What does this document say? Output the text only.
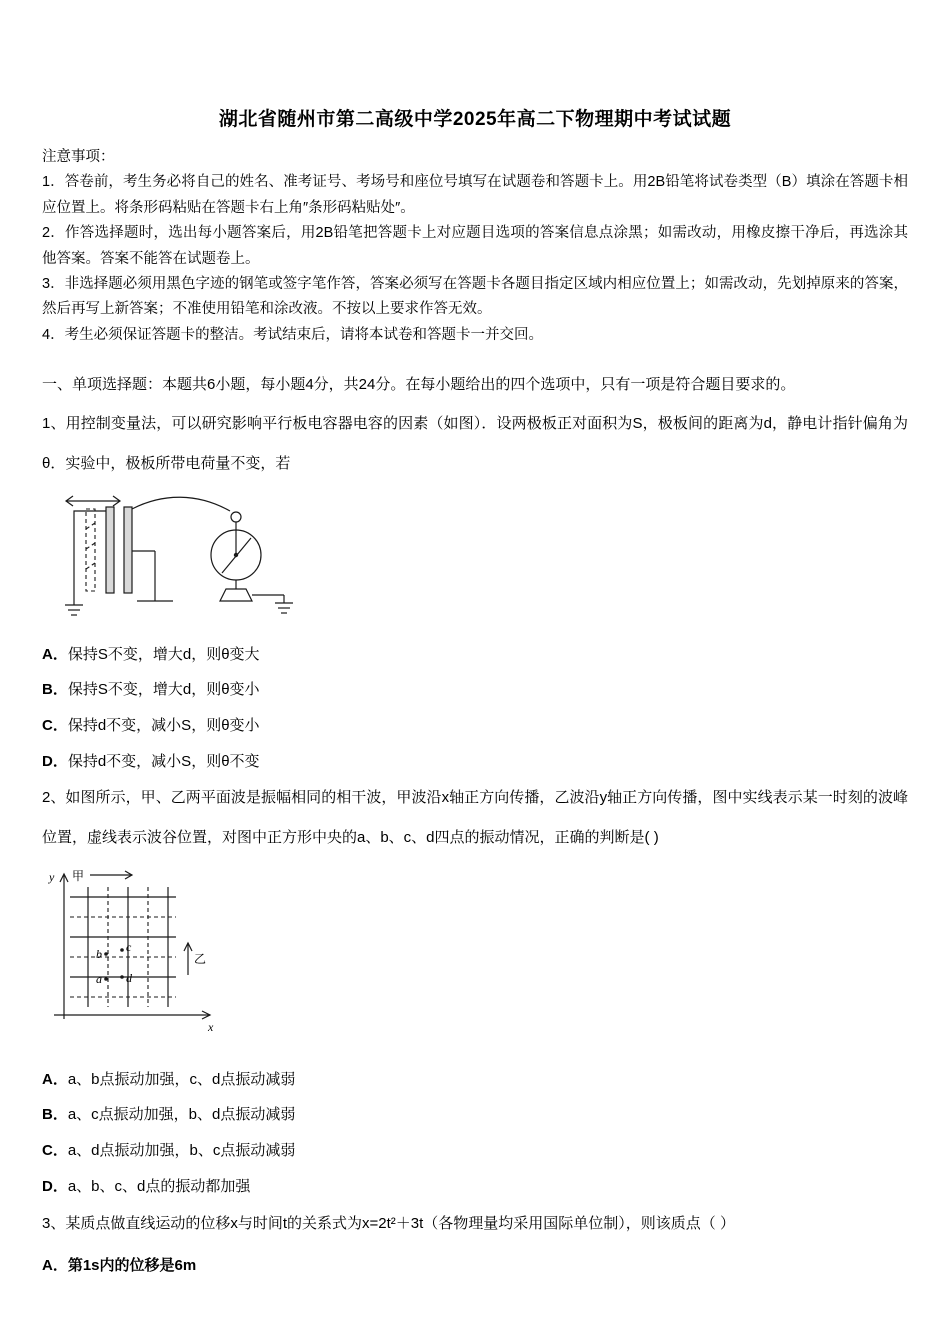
湖北省随州市第二高级中学2025年高二下物理期中考试试题

注意事项：

1．答卷前，考生务必将自己的姓名、准考证号、考场号和座位号填写在试题卷和答题卡上。用2B铅笔将试卷类型（B）填涂在答题卡相应位置上。将条形码粘贴在答题卡右上角″条形码粘贴处″。

2．作答选择题时，选出每小题答案后，用2B铅笔把答题卡上对应题目选项的答案信息点涂黑；如需改动，用橡皮擦干净后，再选涂其他答案。答案不能答在试题卷上。

3．非选择题必须用黑色字迹的钢笔或签字笔作答，答案必须写在答题卡各题目指定区域内相应位置上；如需改动，先划掉原来的答案，然后再写上新答案；不准使用铅笔和涂改液。不按以上要求作答无效。

4．考生必须保证答题卡的整洁。考试结束后，请将本试卷和答题卡一并交回。

一、单项选择题：本题共6小题，每小题4分，共24分。在每小题给出的四个选项中，只有一项是符合题目要求的。

1、用控制变量法，可以研究影响平行板电容器电容的因素（如图）．设两极板正对面积为S，极板间的距离为d，静电计指针偏角为θ．实验中，极板所带电荷量不变，若

A．保持S不变，增大d，则θ变大

B．保持S不变，增大d，则θ变小

C．保持d不变，减小S，则θ变小

D．保持d不变，减小S，则θ不变

2、如图所示，甲、乙两平面波是振幅相同的相干波，甲波沿x轴正方向传播，乙波沿y轴正方向传播，图中实线表示某一时刻的波峰位置，虚线表示波谷位置，对图中正方形中央的a、b、c、d四点的振动情况，正确的判断是( )

y
x
甲
乙
b c
a d

A．a、b点振动加强，c、d点振动减弱

B．a、c点振动加强，b、d点振动减弱

C．a、d点振动加强，b、c点振动减弱

D．a、b、c、d点的振动都加强

3、某质点做直线运动的位移x与时间t的关系式为x=2t²＋3t（各物理量均采用国际单位制），则该质点（ ）

A．第1s内的位移是6m
